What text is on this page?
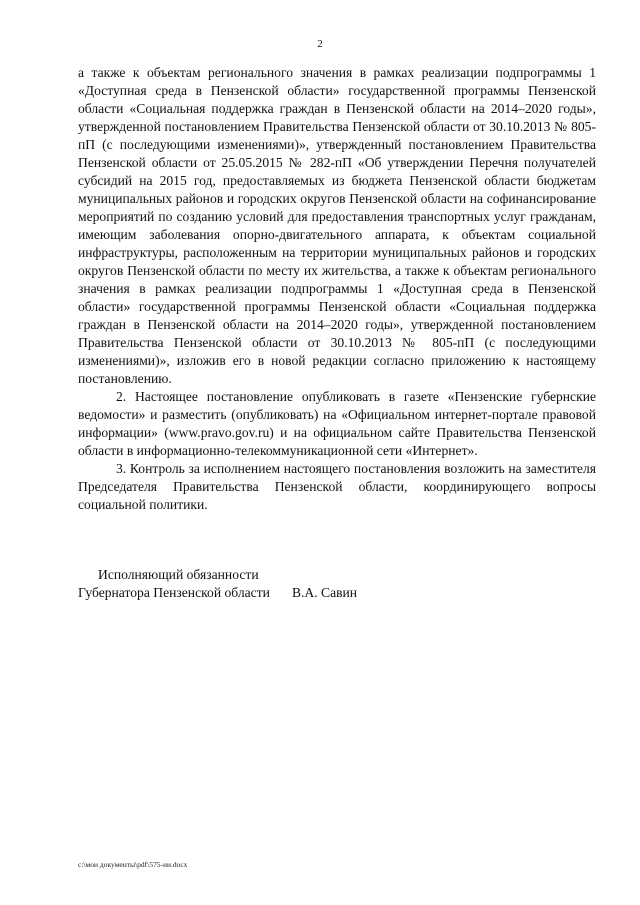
2

а также к объектам регионального значения в рамках реализации подпрограммы 1 «Доступная среда в Пензенской области» государственной программы Пензенской области «Социальная поддержка граждан в Пензенской области на 2014–2020 годы», утвержденной постановлением Правительства Пензенской области от 30.10.2013 № 805-пП (с последующими изменениями)», утвержденный постановлением Правительства Пензенской области от 25.05.2015 № 282-пП «Об утверждении Перечня получателей субсидий на 2015 год, предоставляемых из бюджета Пензенской области бюджетам муниципальных районов и городских округов Пензенской области на софинансирование мероприятий по созданию условий для предоставления транспортных услуг гражданам, имеющим заболевания опорно-двигательного аппарата, к объектам социальной инфраструктуры, расположенным на территории муниципальных районов и городских округов Пензенской области по месту их жительства, а также к объектам регионального значения в рамках реализации подпрограммы 1 «Доступная среда в Пензенской области» государственной программы Пензенской области «Социальная поддержка граждан в Пензенской области на 2014–2020 годы», утвержденной постановлением Правительства Пензенской области от 30.10.2013 № 805-пП (с последующими изменениями)», изложив его в новой редакции согласно приложению к настоящему постановлению.

2. Настоящее постановление опубликовать в газете «Пензенские губернские ведомости» и разместить (опубликовать) на «Официальном интернет-портале правовой информации» (www.pravo.gov.ru) и на официальном сайте Правительства Пензенской области в информационно-телекоммуникационной сети «Интернет».

3. Контроль за исполнением настоящего постановления возложить на заместителя Председателя Правительства Пензенской области, координирующего вопросы социальной политики.

Исполняющий обязанности
Губернатора Пензенской области В.А. Савин
c:\мои документы\pdf\575-ии.docx
